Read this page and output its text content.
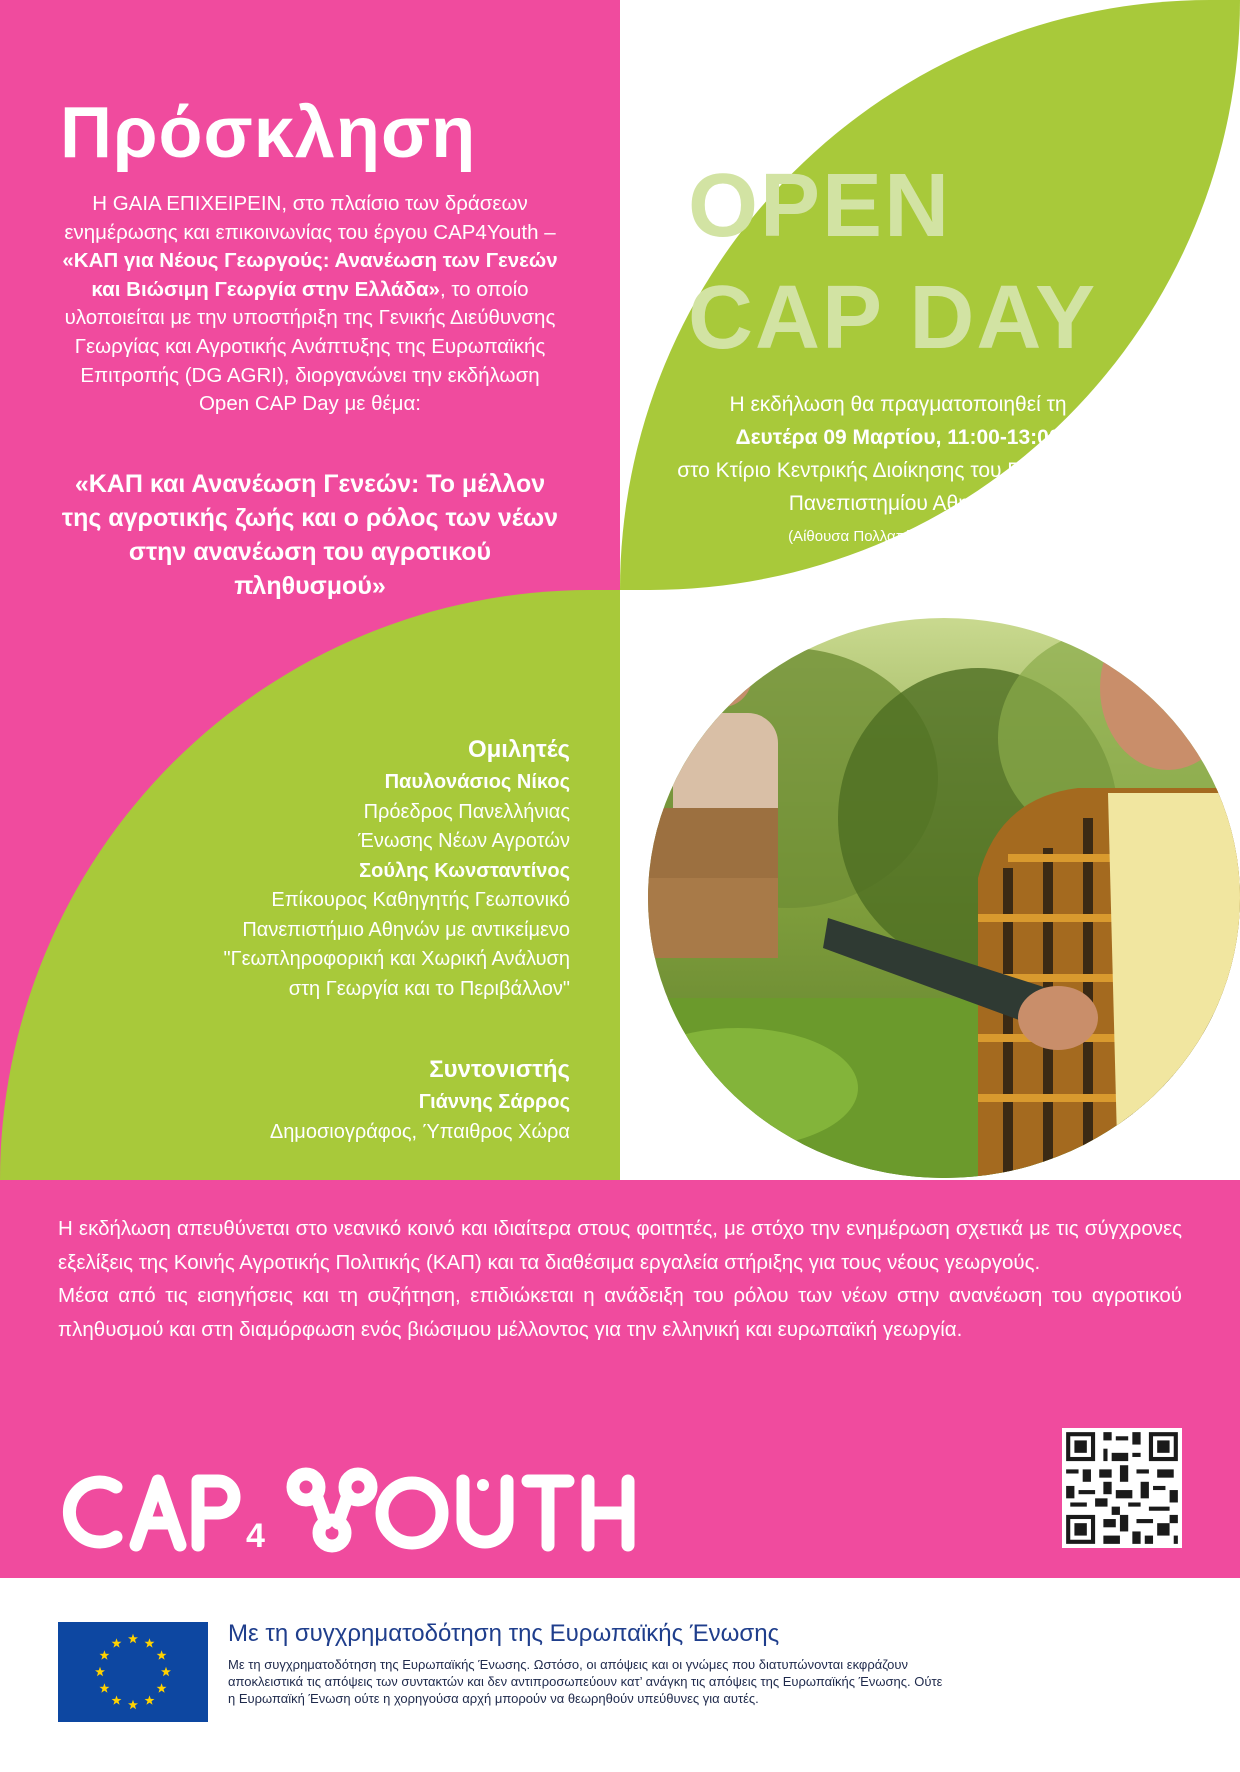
Πρόσκληση
Η GAIA ΕΠΙΧΕΙΡΕΙΝ, στο πλαίσιο των δράσεων ενημέρωσης και επικοινωνίας του έργου CAP4Youth – «ΚΑΠ για Νέους Γεωργούς: Ανανέωση των Γενεών και Βιώσιμη Γεωργία στην Ελλάδα», το οποίο υλοποιείται με την υποστήριξη της Γενικής Διεύθυνσης Γεωργίας και Αγροτικής Ανάπτυξης της Ευρωπαϊκής Επιτροπής (DG AGRI), διοργανώνει την εκδήλωση Open CAP Day με θέμα:
«ΚΑΠ και Ανανέωση Γενεών: Το μέλλον της αγροτικής ζωής και ο ρόλος των νέων στην ανανέωση του αγροτικού πληθυσμού»
OPEN
CAP DAY
Η εκδήλωση θα πραγματοποιηθεί τη
Δευτέρα 09 Μαρτίου, 11:00-13:00
στο Κτίριο Κεντρικής Διοίκησης του Γεωπονικού Πανεπιστημίου Αθηνών
(Αίθουσα Πολλαπλών Χρήσεων).
Ομιλητές
Παυλονάσιος Νίκος
Πρόεδρος Πανελλήνιας Ένωσης Νέων Αγροτών
Σούλης Κωνσταντίνος
Επίκουρος Καθηγητής Γεωπονικό Πανεπιστήμιο Αθηνών με αντικείμενο "Γεωπληροφορική και Χωρική Ανάλυση στη Γεωργία και το Περιβάλλον"
Συντονιστής
Γιάννης Σάρρος
Δημοσιογράφος, Ύπαιθρος Χώρα
Η εκδήλωση απευθύνεται στο νεανικό κοινό και ιδιαίτερα στους φοιτητές, με στόχο την ενημέρωση σχετικά με τις σύγχρονες εξελίξεις της Κοινής Αγροτικής Πολιτικής (ΚΑΠ) και τα διαθέσιμα εργαλεία στήριξης για τους νέους γεωργούς.
Μέσα από τις εισηγήσεις και τη συζήτηση, επιδιώκεται η ανάδειξη του ρόλου των νέων στην ανανέωση του αγροτικού πληθυσμού και στη διαμόρφωση ενός βιώσιμου μέλλοντος για την ελληνική και ευρωπαϊκή γεωργία.
4
Με τη συγχρηματοδότηση της Ευρωπαϊκής Ένωσης
Με τη συγχρηματοδότηση της Ευρωπαϊκής Ένωσης. Ωστόσο, οι απόψεις και οι γνώμες που διατυπώνονται εκφράζουν αποκλειστικά τις απόψεις των συντακτών και δεν αντιπροσωπεύουν κατ’ ανάγκη τις απόψεις της Ευρωπαϊκής Ένωσης. Ούτε η Ευρωπαϊκή Ένωση ούτε η χορηγούσα αρχή μπορούν να θεωρηθούν υπεύθυνες για αυτές.
